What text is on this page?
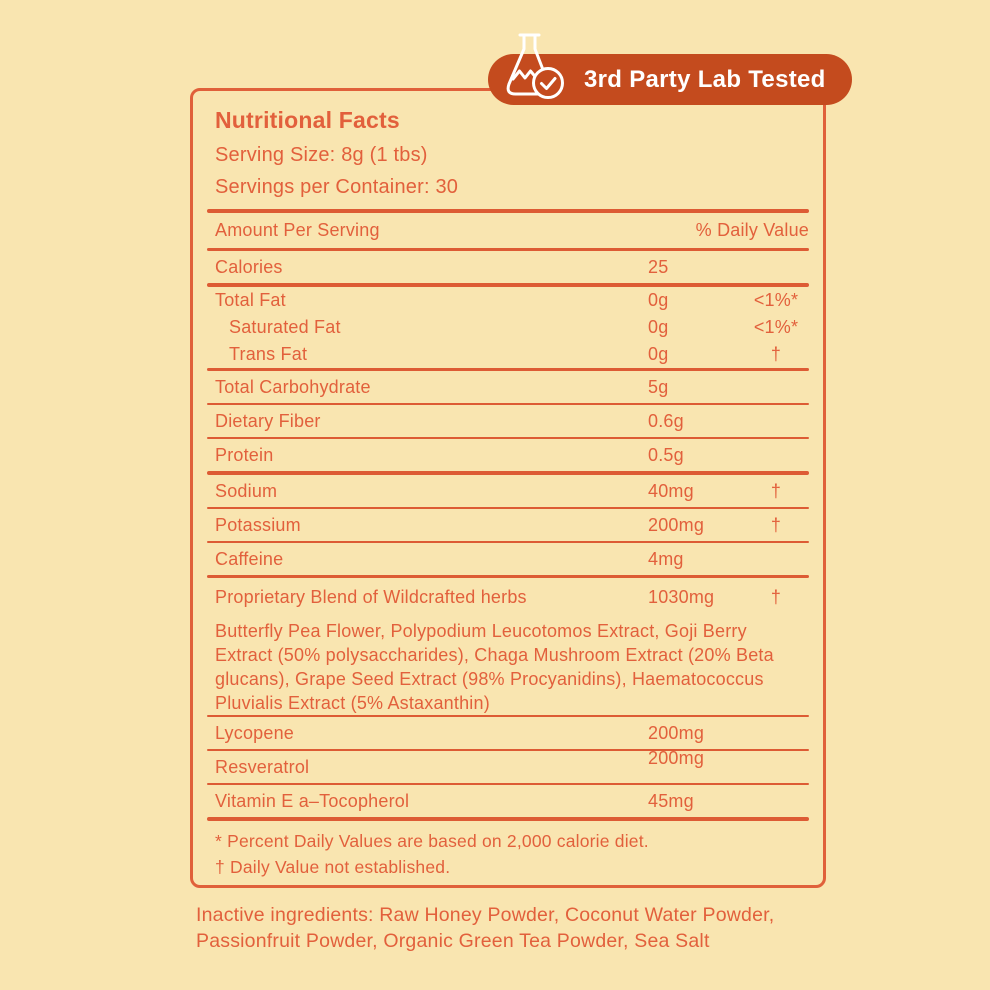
3rd Party Lab Tested
Nutritional Facts
Serving Size: 8g (1 tbs)
Servings per Container: 30
Amount Per Serving	% Daily Value
Calories	25
Total Fat	0g	<1%*
Saturated Fat	0g	<1%*
Trans Fat	0g	†
Total Carbohydrate	5g
Dietary Fiber	0.6g
Protein	0.5g
Sodium	40mg	†
Potassium	200mg	†
Caffeine	4mg
Proprietary Blend of Wildcrafted herbs	1030mg	†
Butterfly Pea Flower, Polypodium Leucotomos Extract, Goji Berry Extract (50% polysaccharides), Chaga Mushroom Extract (20% Beta glucans), Grape Seed Extract (98% Procyanidins), Haematococcus Pluvialis Extract (5% Astaxanthin)
Lycopene	200mg
Resveratrol	200mg
Vitamin E a–Tocopherol	45mg
* Percent Daily Values are based on 2,000 calorie diet.
† Daily Value not established.
Inactive ingredients: Raw Honey Powder, Coconut Water Powder, Passionfruit Powder, Organic Green Tea Powder, Sea Salt
